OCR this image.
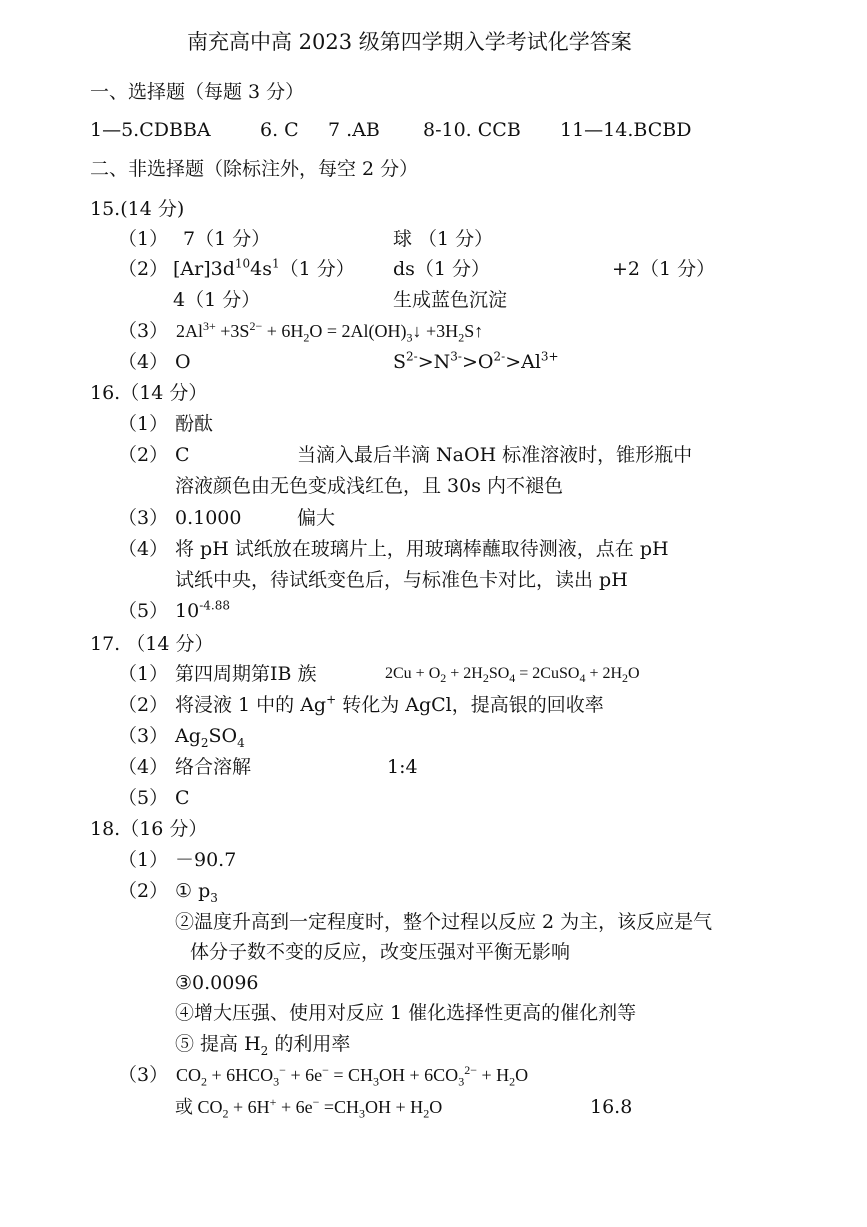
南充高中高 2023 级第四学期入学考试化学答案
一、选择题（每题 3 分）
1—5.CDBBA	6. C 7 .AB 8-10. CCB 11—14.BCBD
二、非选择题（除标注外，每空 2 分）
15.(14 分)
（1） 7（1 分）	球 （1 分）
（2） $[Ar]3d^{10}4s^1(1$ 分） ds（1 分）	+2（1 分）
4（1 分）	生成蓝色沉淀
（3） $2Al^{3+} +3S^{2-} + 6H_2O$ = $2Al(OH)_3↓$ $+3H_2S↑$
（4） O	$S^{2-}>N^{3-}>O^{2-}>Al^{3+}$
16.（14 分）
（1） 酚酞
（2） C	当滴入最后半滴 NaOH 标准溶液时，锥形瓶中
溶液颜色由无色变成浅红色，且 30s 内不褪色
（3） 0.1000	偏大
（4） 将 pH 试纸放在玻璃片上，用玻璃棒蘸取待测液，点在 pH
试纸中央，待试纸变色后，与标准色卡对比，读出 pH
（5） $10^{-4.88}$
17. （14 分）
（1） 第四周期第IB 族	$2Cu + O_2 + 2H_2SO_4$ = 2CuSO$_4$ + $2H_2O$
（2） 将浸液 1 中的 Ag+ 转化为 AgCl，提高银的回收率
（3） $Ag_2SO_4$
（4） 络合溶解	1:4
（5） C
18.（16 分）
（1） －90.7
（2） ① $p_3$
②温度升高到一定程度时，整个过程以反应 2 为主，该反应是气
体分子数不变的反应，改变压强对平衡无影响
③0.0096
④增大压强、使用对反应 1 催化选择性更高的催化剂等
⑤ 提高 $H_2$ 的利用率
（3） $CO_2 + 6HCO_3^- + 6e^- = CH_3OH + 6CO_3^{2-} + H_2O$
或 $CO_2 + 6H^+ + 6e^- =CH_3OH + H_2O$	16.8
